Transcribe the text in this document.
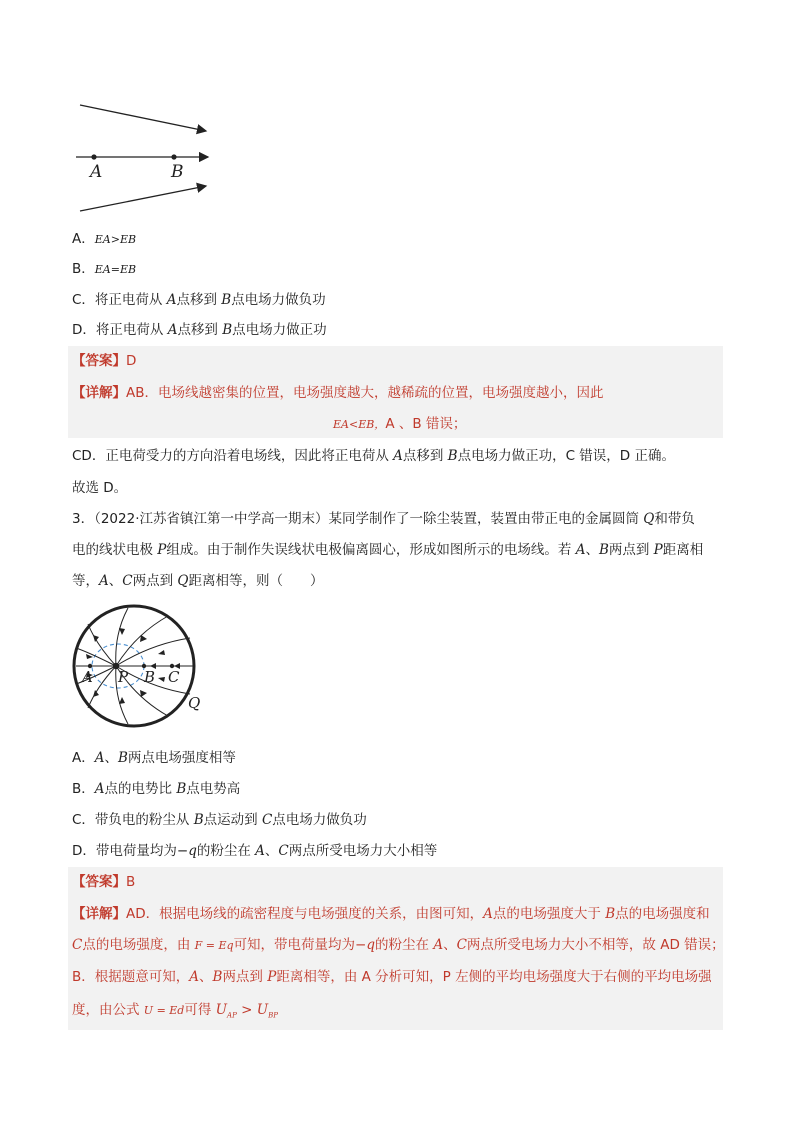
A	B
A．EA>EB
B．EA=EB
C．将正电荷从 A点移到 B点电场力做负功
D．将正电荷从 A点移到 B点电场力做正功
【答案】D
【详解】AB．电场线越密集的位置，电场强度越大，越稀疏的位置，电场强度越小，因此
EA<EB，A 、B 错误；
CD．正电荷受力的方向沿着电场线，因此将正电荷从 A点移到 B点电场力做正功，C 错误，D 正确。
故选 D。
3．（2022·江苏省镇江第一中学高一期末）某同学制作了一除尘装置，装置由带正电的金属圆筒 Q和带负
电的线状电极 P组成。由于制作失误线状电极偏离圆心，形成如图所示的电场线。若 A、B两点到 P距离相
等，A、C两点到 Q距离相等，则（　　）
A P B C
Q
A．A、B两点电场强度相等
B．A点的电势比 B点电势高
C．带负电的粉尘从 B点运动到 C点电场力做负功
D．带电荷量均为−q的粉尘在 A、C两点所受电场力大小相等
【答案】B
【详解】AD．根据电场线的疏密程度与电场强度的关系，由图可知，A点的电场强度大于 B点的电场强度和
C点的电场强度，由 F = Eq可知，带电荷量均为−q的粉尘在 A、C两点所受电场力大小不相等，故 AD 错误；
B．根据题意可知，A、B两点到 P距离相等，由 A 分析可知，P 左侧的平均电场强度大于右侧的平均电场强
度，由公式 U = Ed可得 $U_{AP} > U_{BP}$
